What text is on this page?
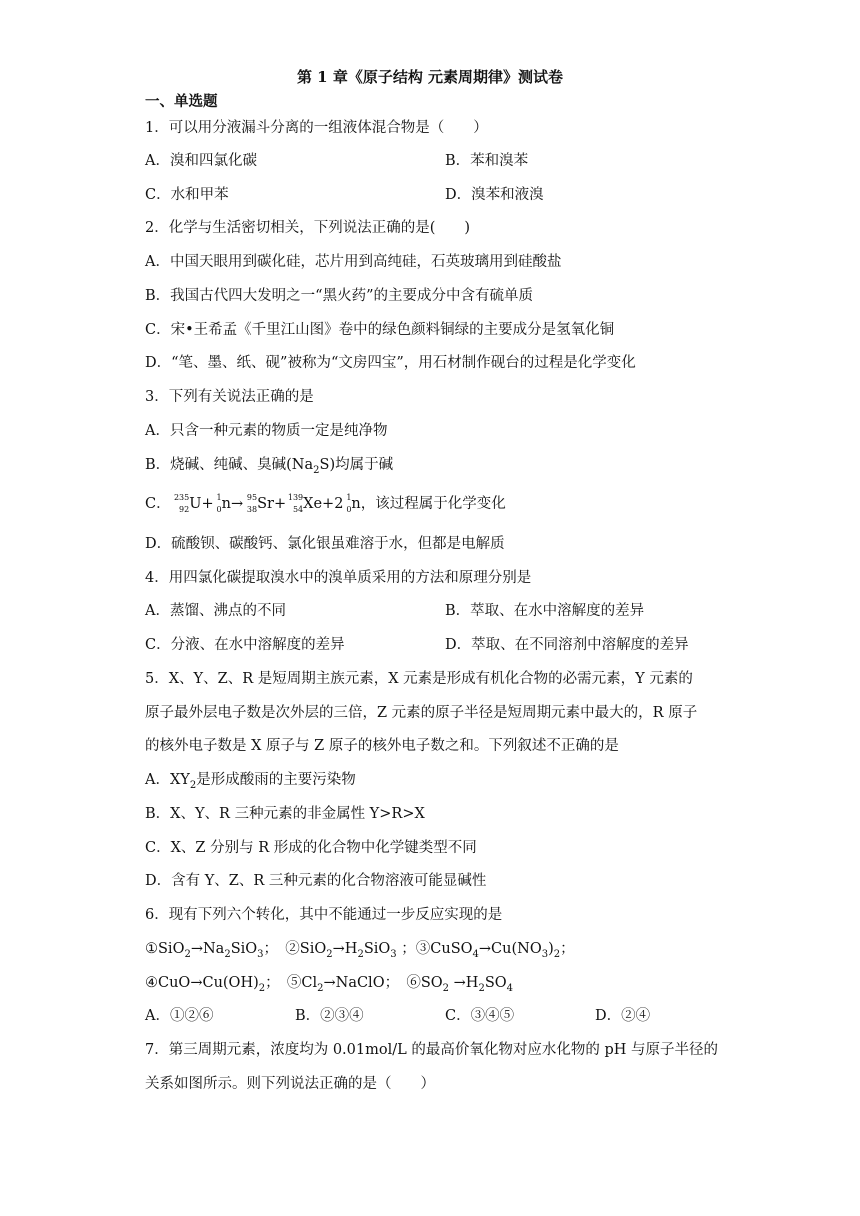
第 1 章《原子结构 元素周期律》测试卷
一、单选题
1．可以用分液漏斗分离的一组液体混合物是（　　）
A．溴和四氯化碳	B．苯和溴苯
C．水和甲苯	D．溴苯和液溴
2．化学与生活密切相关，下列说法正确的是(　　)
A．中国天眼用到碳化硅，芯片用到高纯硅，石英玻璃用到硅酸盐
B．我国古代四大发明之一“黑火药”的主要成分中含有硫单质
C．宋•王希孟《千里江山图》卷中的绿色颜料铜绿的主要成分是氢氧化铜
D．“笔、墨、纸、砚”被称为“文房四宝”，用石材制作砚台的过程是化学变化
3．下列有关说法正确的是
A．只含一种元素的物质一定是纯净物
B．烧碱、纯碱、臭碱$(Na_2S)$均属于碱
C． 235
92 U+ 1
0 n→ 95
38 Sr+ 139
54 Xe+2 1
0 n，该过程属于化学变化
D．硫酸钡、碳酸钙、氯化银虽难溶于水，但都是电解质
4．用四氯化碳提取溴水中的溴单质采用的方法和原理分别是
A．蒸馏、沸点的不同	B．萃取、在水中溶解度的差异
C．分液、在水中溶解度的差异	D．萃取、在不同溶剂中溶解度的差异
5．X、Y、Z、R 是短周期主族元素，X 元素是形成有机化合物的必需元素，Y 元素的
原子最外层电子数是次外层的三倍，Z 元素的原子半径是短周期元素中最大的，R 原子
的核外电子数是 X 原子与 Z 原子的核外电子数之和。下列叙述不正确的是
A．$XY_2$是形成酸雨的主要污染物
B．X、Y、R 三种元素的非金属性 Y>R>X
C．X、Z 分别与 R 形成的化合物中化学键类型不同
D．含有 Y、Z、R 三种元素的化合物溶液可能显碱性
6．现有下列六个转化，其中不能通过一步反应实现的是
$①SiO_2\to Na_2SiO_3$；　$②SiO_2\to H_2SiO_3$ ；$③CuSO_4\to Cu(NO_3)_2$；
$④CuO\to Cu(OH)_2$；　$⑤Cl_2\to NaClO$；　$⑥SO_2 \to H_2SO_4$
A．①②⑥	B．②③④	C．③④⑤	D．②④
7．第三周期元素，浓度均为 0.01mol/L 的最高价氧化物对应水化物的 pH 与原子半径的
关系如图所示。则下列说法正确的是（　　）
